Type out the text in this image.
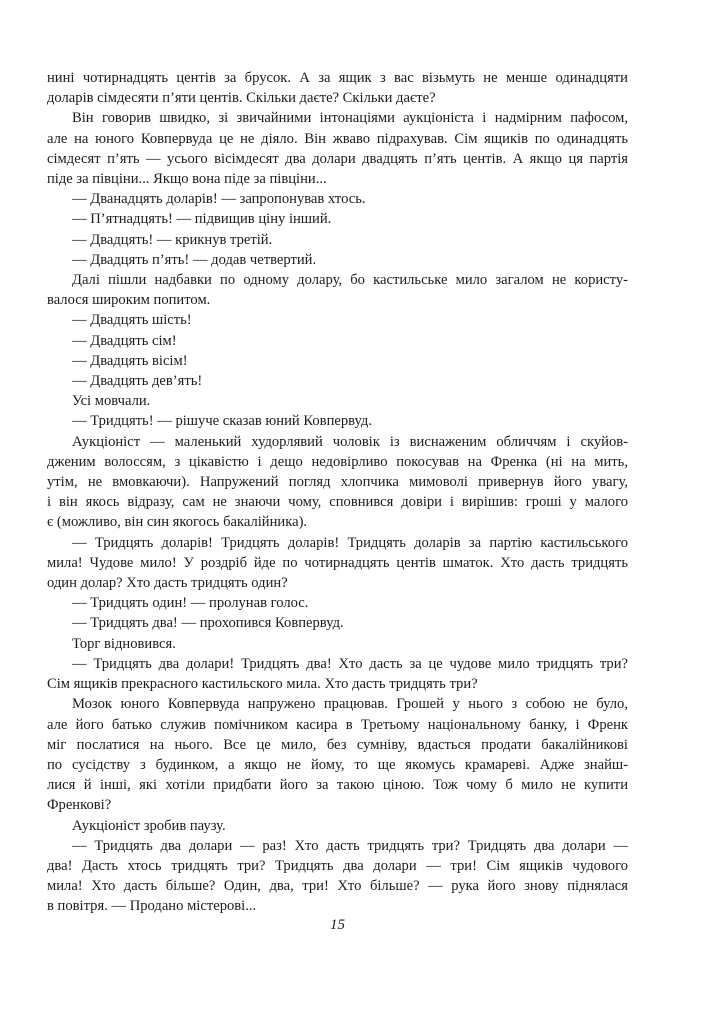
нині чотирнадцять центів за брусок. А за ящик з вас візьмуть не менше одинадцяти
доларів сімдесяти п’яти центів. Скільки даєте? Скільки даєте?
Він говорив швидко, зі звичайними інтонаціями аукціоніста і надмірним пафосом,
але на юного Ковпервуда це не діяло. Він жваво підрахував. Сім ящиків по одинадцять
сімдесят п’ять — усього вісімдесят два долари двадцять п’ять центів. А якщо ця партія
піде за півціни... Якщо вона піде за півціни...
— Дванадцять доларів! — запропонував хтось.
— П’ятнадцять! — підвищив ціну інший.
— Двадцять! — крикнув третій.
— Двадцять п’ять! — додав четвертий.
Далі пішли надбавки по одному долару, бо кастильське мило загалом не користу-
валося широким попитом.
— Двадцять шість!
— Двадцять сім!
— Двадцять вісім!
— Двадцять дев’ять!
Усі мовчали.
— Тридцять! — рішуче сказав юний Ковпервуд.
Аукціоніст — маленький худорлявий чоловік із виснаженим обличчям і скуйов-
дженим волоссям, з цікавістю і дещо недовірливо покосував на Френка (ні на мить,
утім, не вмовкаючи). Напружений погляд хлопчика мимоволі привернув його увагу,
і він якось відразу, сам не знаючи чому, сповнився довіри і вирішив: гроші у малого
є (можливо, він син якогось бакалійника).
— Тридцять доларів! Тридцять доларів! Тридцять доларів за партію кастильського
мила! Чудове мило! У роздріб йде по чотирнадцять центів шматок. Хто дасть тридцять
один долар? Хто дасть тридцять один?
— Тридцять один! — пролунав голос.
— Тридцять два! — прохопився Ковпервуд.
Торг відновився.
— Тридцять два долари! Тридцять два! Хто дасть за це чудове мило тридцять три?
Сім ящиків прекрасного кастильского мила. Хто дасть тридцять три?
Мозок юного Ковпервуда напружено працював. Грошей у нього з собою не було,
але його батько служив помічником касира в Третьому національному банку, і Френк
міг послатися на нього. Все це мило, без сумніву, вдасться продати бакалійникові
по сусідству з будинком, а якщо не йому, то ще якомусь крамареві. Адже знайш-
лися й інші, які хотіли придбати його за такою ціною. Тож чому б мило не купити
Френкові?
Аукціоніст зробив паузу.
— Тридцять два долари — раз! Хто дасть тридцять три? Тридцять два долари —
два! Дасть хтось тридцять три? Тридцять два долари — три! Сім ящиків чудового
мила! Хто дасть більше? Один, два, три! Хто більше? — рука його знову піднялася
в повітря. — Продано містерові...
15
